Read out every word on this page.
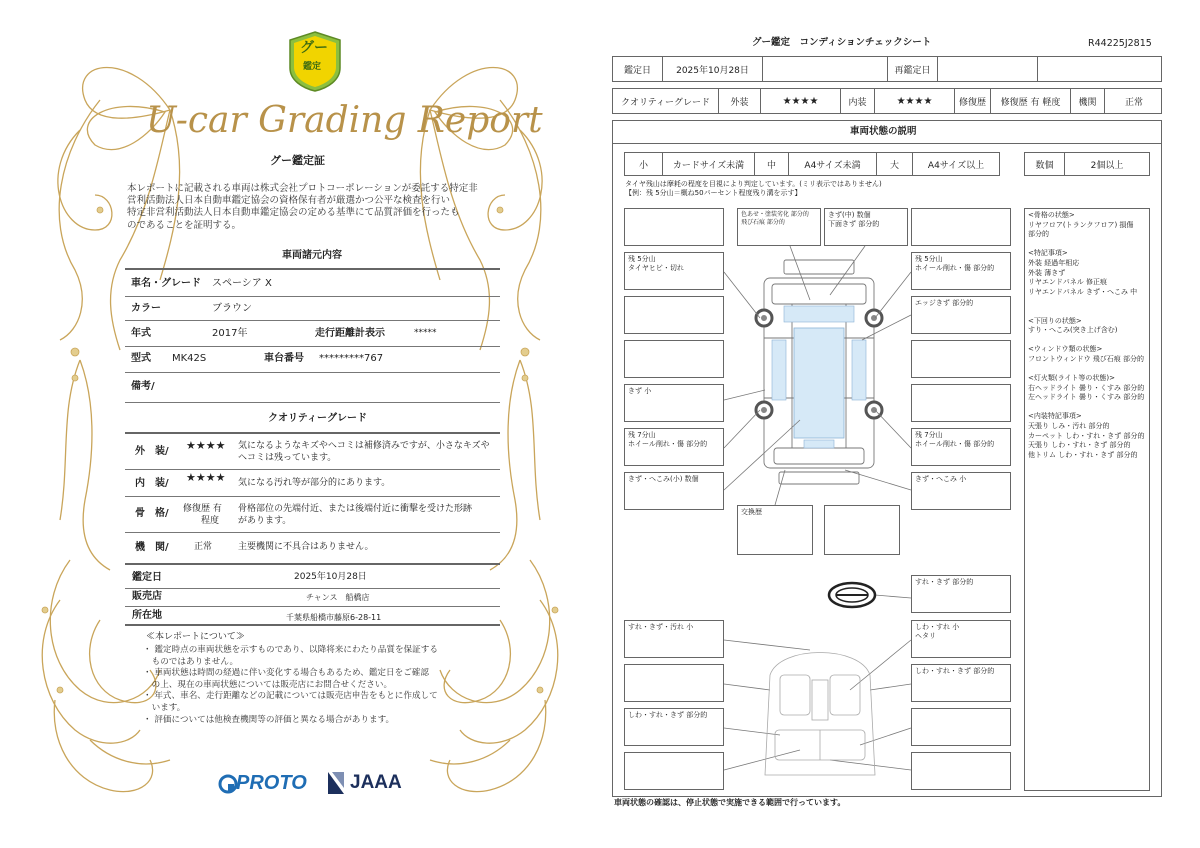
グー
鑑定
U-car Grading Report
グー鑑定証
本レポートに記載される車両は株式会社プロトコーポレーションが委託する特定非
営利活動法人日本自動車鑑定協会の資格保有者が厳選かつ公平な検査を行い
特定非営利活動法人日本自動車鑑定協会の定める基準にて品質評価を行ったも
のであることを証明する。
車両諸元内容
車名・グレード スペーシア X
カラー	ブラウン
年式	2017年	走行距離計表示	*****
型式 MK42S	車台番号 *********767
備考/
クオリティーグレード
外　装/ ★★★★ 気になるようなキズやヘコミは補修済みですが、小さなキズや
ヘコミは残っています。
内　装/ ★★★★ 気になる汚れ等が部分的にあります。
骨　格/ 修復歴 有
　　程度
骨格部位の先端付近、または後端付近に衝撃を受けた形跡
があります。
機　関/	正常	主要機関に不具合はありません。
鑑定日	2025年10月28日
販売店	チャンス　船橋店
所在地	千葉県船橋市藤原6-28-11
≪本レポートについて≫
・ 鑑定時点の車両状態を示すものであり、以降将来にわたり品質を保証する
　ものではありません。
・ 車両状態は時間の経過に伴い変化する場合もあるため、鑑定日をご確認
　の上、現在の車両状態については販売店にお問合せください。
・ 年式、車名、走行距離などの記載については販売店申告をもとに作成して
　います。
・ 評価については他検査機関等の評価と異なる場合があります。
PROTO JAAA
グー鑑定　コンディションチェックシート	R44225J2815
鑑定日	2025年10月28日	再鑑定日
クオリティーグレード	外装	★★★★	内装	★★★★	修復歴	修復歴 有 軽度	機関	正常
車両状態の説明
小	カードサイズ未満	中	A4サイズ未満	大	A4サイズ以上	数個	2個以上
タイヤ残山は摩耗の程度を目視により判定しています。(ミリ表示ではありません)
【例：残 5分山＝概ね50パーセント程度残り溝を示す】
色あせ・塗装劣化 部分的
飛び石痕 部分的
きず(中) 数個
下面きず 部分的
残 5分山
タイヤヒビ・切れ
残 5分山
ホイール削れ・傷 部分的
エッジきず 部分的
きず 小
残 7分山
ホイール削れ・傷 部分的
残 7分山
ホイール削れ・傷 部分的
きず・へこみ(小) 数個	きず・へこみ 小
交換歴
すれ・きず 部分的
すれ・きず・汚れ 小	しわ・すれ 小
ヘタリ
しわ・すれ・きず 部分的
しわ・すれ・きず 部分的
<骨格の状態>
リヤフロア(トランクフロア) 損傷
部分的

<特記事項>
外装 経過年相応
外装 薄きず
リヤエンドパネル 修正痕
リヤエンドパネル きず・へこみ 中

<下回りの状態>
すり・へこみ(突き上げ含む)

<ウィンドウ類の状態>
フロントウィンドウ 飛び石痕 部分的

<灯火類(ライト等の状態)>
右ヘッドライト 曇り・くすみ 部分的
左ヘッドライト 曇り・くすみ 部分的

<内装特記事項>
天張り しみ・汚れ 部分的
カーペット しわ・すれ・きず 部分的
天張り しわ・すれ・きず 部分的
他トリム しわ・すれ・きず 部分的
車両状態の確認は、停止状態で実施できる範囲で行っています。
